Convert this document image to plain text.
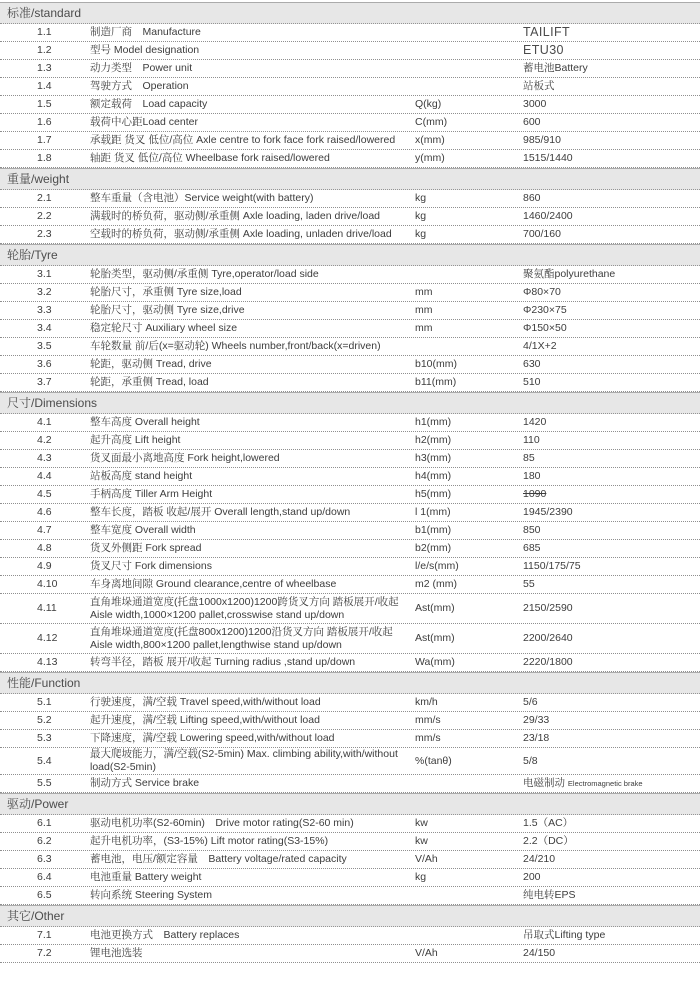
标准/standard
1.1	制造厂商　Manufacture	TAILIFT
1.2	型号 Model designation	ETU30
1.3	动力类型　Power unit	蓄电池Battery
1.4	驾驶方式　Operation	站板式
1.5	额定载荷　Load capacity	Q(kg)	3000
1.6	载荷中心距Load center	C(mm)	600
1.7	承载距 货叉 低位/高位 Axle centre to fork face fork raised/lowered	x(mm)	985/910
1.8	轴距 货叉 低位/高位 Wheelbase fork raised/lowered	y(mm)	1515/1440
重量/weight
2.1	整车重量（含电池）Service weight(with battery)	kg	860
2.2	满载时的桥负荷，驱动侧/承重侧 Axle loading, laden drive/load	kg	1460/2400
2.3	空载时的桥负荷，驱动侧/承重侧 Axle loading, unladen drive/load	kg	700/160
轮胎/Tyre
3.1	轮胎类型，驱动侧/承重侧 Tyre,operator/load side	聚氨酯polyurethane
3.2	轮胎尺寸，承重侧 Tyre size,load	mm	Φ80×70
3.3	轮胎尺寸，驱动侧 Tyre size,drive	mm	Φ230×75
3.4	稳定轮尺寸 Auxiliary wheel size	mm	Φ150×50
3.5	车轮数量 前/后(x=驱动轮) Wheels number,front/back(x=driven)	4/1X+2
3.6	轮距，驱动侧 Tread, drive	b10(mm)	630
3.7	轮距，承重侧 Tread, load	b11(mm)	510
尺寸/Dimensions
4.1	整车高度 Overall height	h1(mm)	1420
4.2	起升高度 Lift height	h2(mm)	110
4.3	货叉面最小离地高度 Fork height,lowered	h3(mm)	85
4.4	站板高度 stand height	h4(mm)	180
4.5	手柄高度 Tiller Arm Height	h5(mm)	1090
4.6	整车长度，踏板 收起/展开 Overall length,stand up/down	l 1(mm)	1945/2390
4.7	整车宽度 Overall width	b1(mm)	850
4.8	货叉外侧距 Fork spread	b2(mm)	685
4.9	货叉尺寸 Fork dimensions	l/e/s(mm)	1150/175/75
4.10	车身离地间隙 Ground clearance,centre of wheelbase	m2 (mm)	55
4.11
直角堆垛通道宽度(托盘1000x1200)1200跨货叉方向 踏板展开/收起
Aisle width,1000×1200 pallet,crosswise stand up/down
Ast(mm)	2150/2590
4.12
直角堆垛通道宽度(托盘800x1200)1200沿货叉方向 踏板展开/收起
Aisle width,800×1200 pallet,lengthwise stand up/down
Ast(mm)	2200/2640
4.13	转弯半径，踏板 展开/收起 Turning radius ,stand up/down	Wa(mm)	2220/1800
性能/Function
5.1	行驶速度，满/空载 Travel speed,with/without load	km/h	5/6
5.2	起升速度，满/空载 Lifting speed,with/without load	mm/s	29/33
5.3	下降速度，满/空载 Lowering speed,with/without load	mm/s	23/18
5.4
最大爬坡能力，满/空载(S2-5min) Max. climbing ability,with/without load(S2-5min)
%(tanθ)	5/8
5.5	制动方式 Service brake	电磁制动 Electromagnetic brake
驱动/Power
6.1	驱动电机功率(S2-60min)　Drive motor rating(S2-60 min)	kw	1.5（AC）
6.2	起升电机功率，(S3-15%) Lift motor rating(S3-15%)	kw	2.2（DC）
6.3	蓄电池，电压/额定容量　Battery voltage/rated capacity	V/Ah	24/210
6.4	电池重量 Battery weight	kg	200
6.5	转向系统 Steering System	纯电转EPS
其它/Other
7.1	电池更换方式　Battery replaces	吊取式Lifting type
7.2	锂电池选装	V/Ah	24/150
